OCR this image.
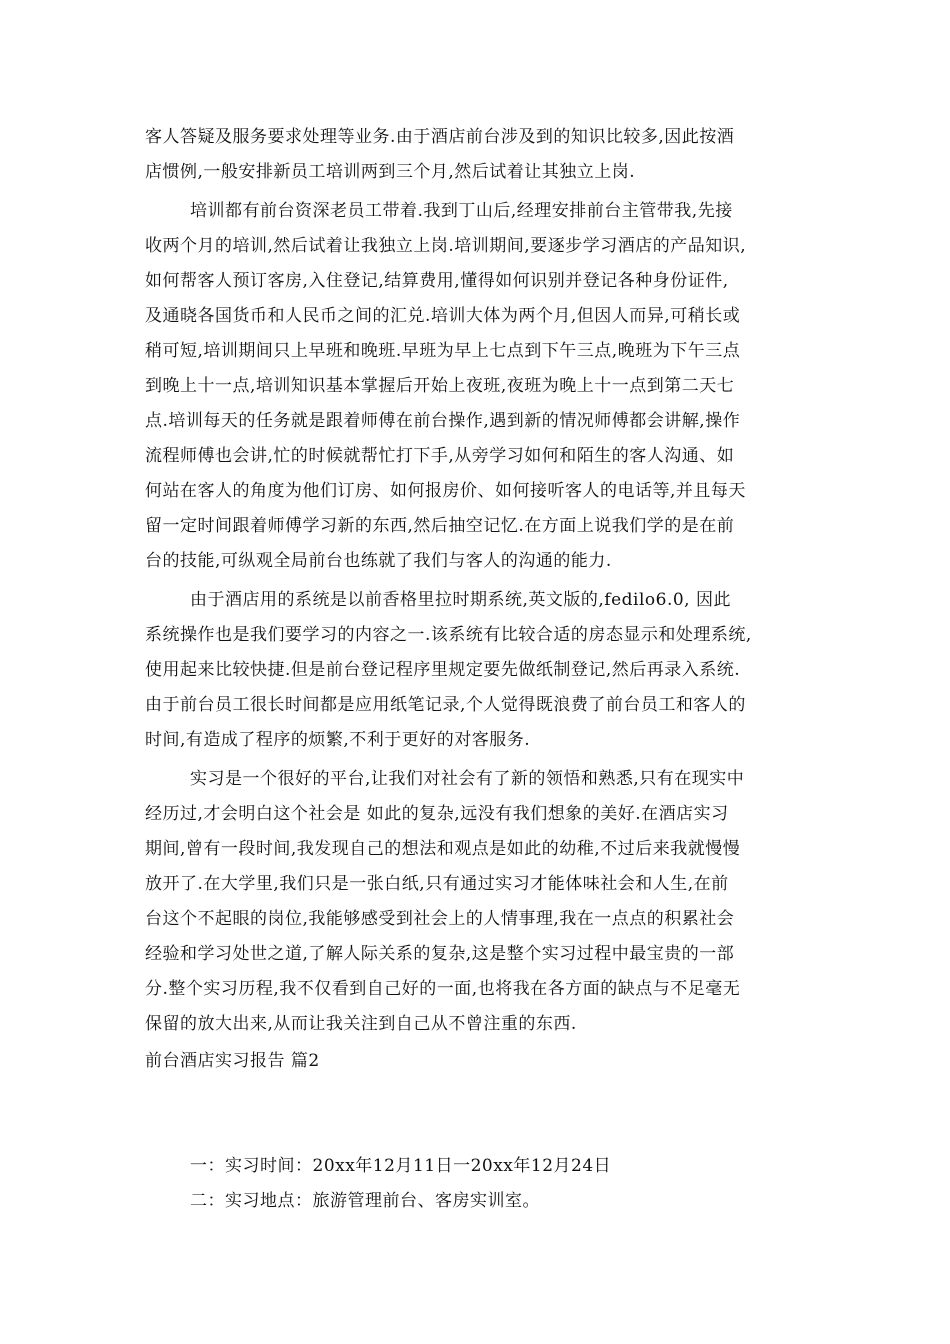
客人答疑及服务要求处理等业务.由于酒店前台涉及到的知识比较多,因此按酒
店惯例,一般安排新员工培训两到三个月,然后试着让其独立上岗.
培训都有前台资深老员工带着.我到丁山后,经理安排前台主管带我,先接
收两个月的培训,然后试着让我独立上岗.培训期间,要逐步学习酒店的产品知识,
如何帮客人预订客房,入住登记,结算费用,懂得如何识别并登记各种身份证件,
及通晓各国货币和人民币之间的汇兑.培训大体为两个月,但因人而异,可稍长或
稍可短,培训期间只上早班和晚班.早班为早上七点到下午三点,晚班为下午三点
到晚上十一点,培训知识基本掌握后开始上夜班,夜班为晚上十一点到第二天七
点.培训每天的任务就是跟着师傅在前台操作,遇到新的情况师傅都会讲解,操作
流程师傅也会讲,忙的时候就帮忙打下手,从旁学习如何和陌生的客人沟通、如
何站在客人的角度为他们订房、如何报房价、如何接听客人的电话等,并且每天
留一定时间跟着师傅学习新的东西,然后抽空记忆.在方面上说我们学的是在前
台的技能,可纵观全局前台也练就了我们与客人的沟通的能力.
由于酒店用的系统是以前香格里拉时期系统,英文版的,fedilo6.0, 因此
系统操作也是我们要学习的内容之一.该系统有比较合适的房态显示和处理系统,
使用起来比较快捷.但是前台登记程序里规定要先做纸制登记,然后再录入系统.
由于前台员工很长时间都是应用纸笔记录,个人觉得既浪费了前台员工和客人的
时间,有造成了程序的烦繁,不利于更好的对客服务.
实习是一个很好的平台,让我们对社会有了新的领悟和熟悉,只有在现实中
经历过,才会明白这个社会是 如此的复杂,远没有我们想象的美好.在酒店实习
期间,曾有一段时间,我发现自己的想法和观点是如此的幼稚,不过后来我就慢慢
放开了.在大学里,我们只是一张白纸,只有通过实习才能体味社会和人生,在前
台这个不起眼的岗位,我能够感受到社会上的人情事理,我在一点点的积累社会
经验和学习处世之道,了解人际关系的复杂,这是整个实习过程中最宝贵的一部
分.整个实习历程,我不仅看到自己好的一面,也将我在各方面的缺点与不足毫无
保留的放大出来,从而让我关注到自己从不曾注重的东西.
前台酒店实习报告 篇2
一：实习时间：20xx年12月11日一20xx年12月24日
二：实习地点：旅游管理前台、客房实训室。
